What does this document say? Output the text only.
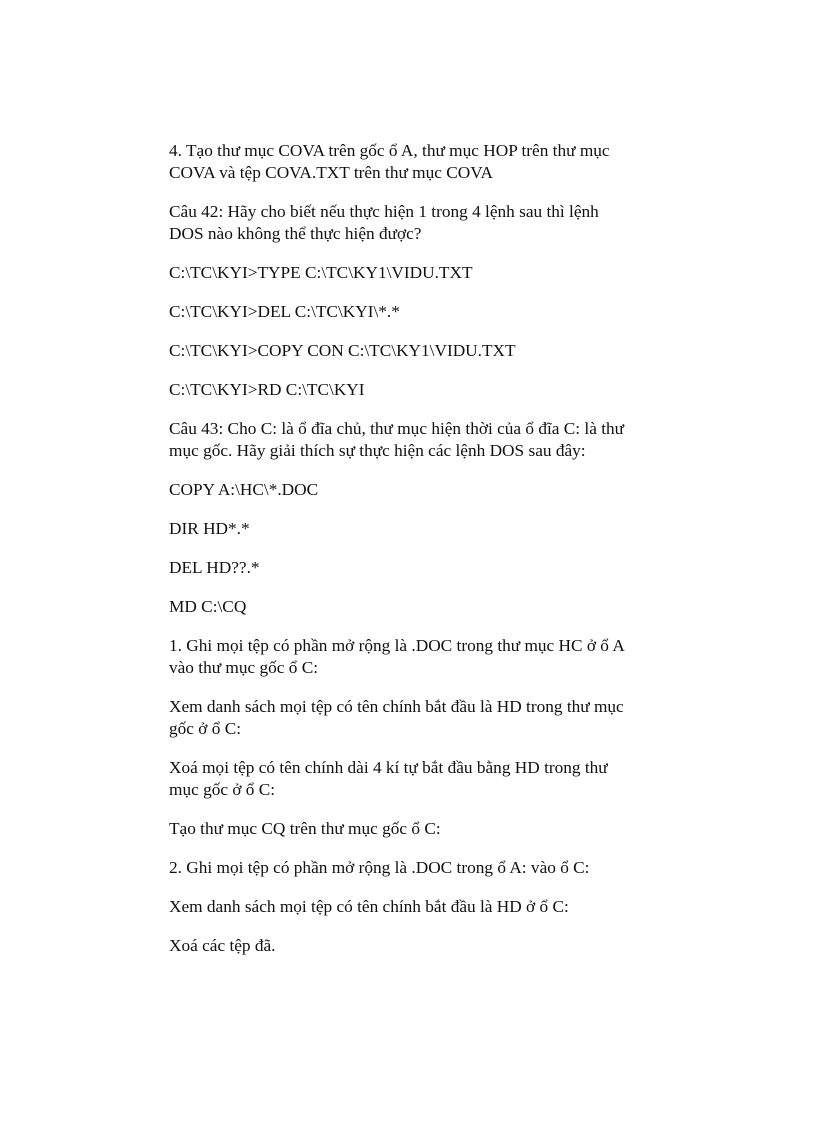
4. Tạo thư mục COVA trên gốc ổ A, thư mục HOP trên thư mục
COVA và tệp COVA.TXT trên thư mục COVA

Câu 42: Hãy cho biết nếu thực hiện 1 trong 4 lệnh sau thì lệnh
DOS nào không thể thực hiện được?

C:\TC\KYI>TYPE C:\TC\KY1\VIDU.TXT

C:\TC\KYI>DEL C:\TC\KYI\*.*

C:\TC\KYI>COPY CON C:\TC\KY1\VIDU.TXT

C:\TC\KYI>RD C:\TC\KYI

Câu 43: Cho C: là ổ đĩa chủ, thư mục hiện thời của ổ đĩa C: là thư
mục gốc. Hãy giải thích sự thực hiện các lệnh DOS sau đây:

COPY A:\HC\*.DOC

DIR HD*.*

DEL HD??.*

MD C:\CQ

1. Ghi mọi tệp có phần mở rộng là .DOC trong thư mục HC ở ổ A
vào thư mục gốc ổ C:

Xem danh sách mọi tệp có tên chính bắt đầu là HD trong thư mục
gốc ở ổ C:

Xoá mọi tệp có tên chính dài 4 kí tự bắt đầu bằng HD trong thư
mục gốc ở ổ C:

Tạo thư mục CQ trên thư mục gốc ổ C:

2. Ghi mọi tệp có phần mở rộng là .DOC trong ổ A: vào ổ C:

Xem danh sách mọi tệp có tên chính bắt đầu là HD ở ổ C:

Xoá các tệp đã.
